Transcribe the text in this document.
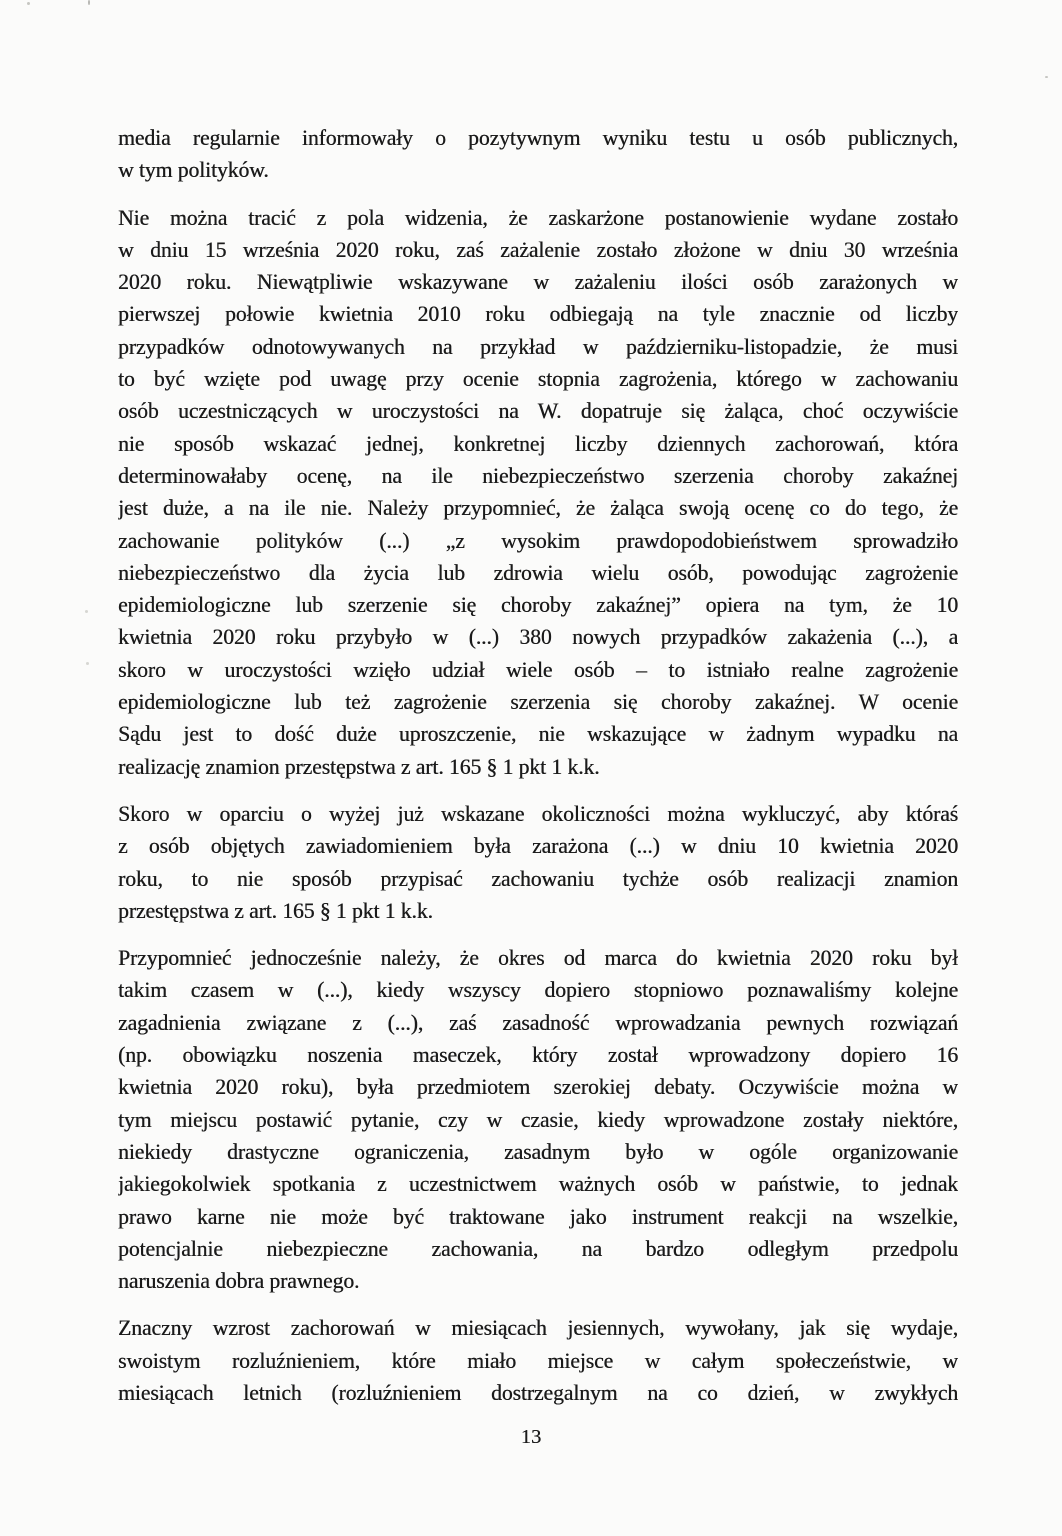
media regularnie informowały o pozytywnym wyniku testu u osób publicznych,
w tym polityków.
Nie można tracić z pola widzenia, że zaskarżone postanowienie wydane zostało
w dniu 15 września 2020 roku, zaś zażalenie zostało złożone w dniu 30 września
2020 roku. Niewątpliwie wskazywane w zażaleniu ilości osób zarażonych w
pierwszej połowie kwietnia 2010 roku odbiegają na tyle znacznie od liczby
przypadków odnotowywanych na przykład w październiku-listopadzie, że musi
to być wzięte pod uwagę przy ocenie stopnia zagrożenia, którego w zachowaniu
osób uczestniczących w uroczystości na W. dopatruje się żaląca, choć oczywiście
nie sposób wskazać jednej, konkretnej liczby dziennych zachorowań, która
determinowałaby ocenę, na ile niebezpieczeństwo szerzenia choroby zakaźnej
jest duże, a na ile nie. Należy przypomnieć, że żaląca swoją ocenę co do tego, że
zachowanie polityków (...) „z wysokim prawdopodobieństwem sprowadziło
niebezpieczeństwo dla życia lub zdrowia wielu osób, powodując zagrożenie
epidemiologiczne lub szerzenie się choroby zakaźnej” opiera na tym, że 10
kwietnia 2020 roku przybyło w (...) 380 nowych przypadków zakażenia (...), a
skoro w uroczystości wzięło udział wiele osób – to istniało realne zagrożenie
epidemiologiczne lub też zagrożenie szerzenia się choroby zakaźnej. W ocenie
Sądu jest to dość duże uproszczenie, nie wskazujące w żadnym wypadku na
realizację znamion przestępstwa z art. 165 § 1 pkt 1 k.k.
Skoro w oparciu o wyżej już wskazane okoliczności można wykluczyć, aby któraś
z osób objętych zawiadomieniem była zarażona (...) w dniu 10 kwietnia 2020
roku, to nie sposób przypisać zachowaniu tychże osób realizacji znamion
przestępstwa z art. 165 § 1 pkt 1 k.k.
Przypomnieć jednocześnie należy, że okres od marca do kwietnia 2020 roku był
takim czasem w (...), kiedy wszyscy dopiero stopniowo poznawaliśmy kolejne
zagadnienia związane z (...), zaś zasadność wprowadzania pewnych rozwiązań
(np. obowiązku noszenia maseczek, który został wprowadzony dopiero 16
kwietnia 2020 roku), była przedmiotem szerokiej debaty. Oczywiście można w
tym miejscu postawić pytanie, czy w czasie, kiedy wprowadzone zostały niektóre,
niekiedy drastyczne ograniczenia, zasadnym było w ogóle organizowanie
jakiegokolwiek spotkania z uczestnictwem ważnych osób w państwie, to jednak
prawo karne nie może być traktowane jako instrument reakcji na wszelkie,
potencjalnie niebezpieczne zachowania, na bardzo odległym przedpolu
naruszenia dobra prawnego.
Znaczny wzrost zachorowań w miesiącach jesiennych, wywołany, jak się wydaje,
swoistym rozluźnieniem, które miało miejsce w całym społeczeństwie, w
miesiącach letnich (rozluźnieniem dostrzegalnym na co dzień, w zwykłych
13
